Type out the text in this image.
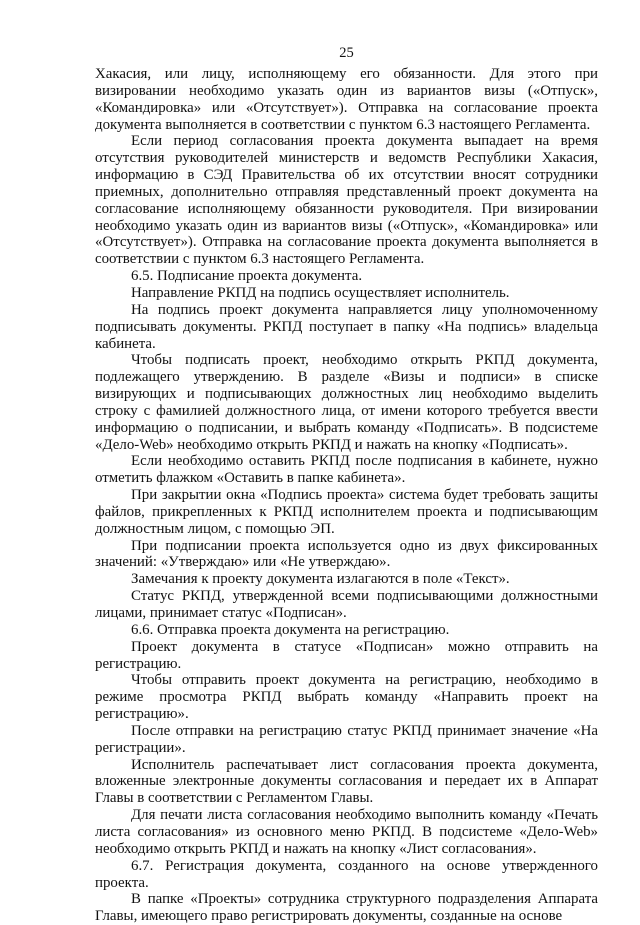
25

Хакасия, или лицу, исполняющему его обязанности. Для этого при визировании необходимо указать один из вариантов визы («Отпуск», «Командировка» или «Отсутствует»). Отправка на согласование проекта документа выполняется в соответствии с пунктом 6.3 настоящего Регламента.

Если период согласования проекта документа выпадает на время отсутствия руководителей министерств и ведомств Республики Хакасия, информацию в СЭД Правительства об их отсутствии вносят сотрудники приемных, дополнительно отправляя представленный проект документа на согласование исполняющему обязанности руководителя. При визировании необходимо указать один из вариантов визы («Отпуск», «Командировка» или «Отсутствует»). Отправка на согласование проекта документа выполняется в соответствии с пунктом 6.3 настоящего Регламента.

6.5. Подписание проекта документа.

Направление РКПД на подпись осуществляет исполнитель.

На подпись проект документа направляется лицу уполномоченному подписывать документы. РКПД поступает в папку «На подпись» владельца кабинета.

Чтобы подписать проект, необходимо открыть РКПД документа, подлежащего утверждению. В разделе «Визы и подписи» в списке визирующих и подписывающих должностных лиц необходимо выделить строку с фамилией должностного лица, от имени которого требуется ввести информацию о подписании, и выбрать команду «Подписать». В подсистеме «Дело-Web» необходимо открыть РКПД и нажать на кнопку «Подписать».

Если необходимо оставить РКПД после подписания в кабинете, нужно отметить флажком «Оставить в папке кабинета».

При закрытии окна «Подпись проекта» система будет требовать защиты файлов, прикрепленных к РКПД исполнителем проекта и подписывающим должностным лицом, с помощью ЭП.

При подписании проекта используется одно из двух фиксированных значений: «Утверждаю» или «Не утверждаю».

Замечания к проекту документа излагаются в поле «Текст».

Статус РКПД, утвержденной всеми подписывающими должностными лицами, принимает статус «Подписан».

6.6. Отправка проекта документа на регистрацию.

Проект документа в статусе «Подписан» можно отправить на регистрацию.

Чтобы отправить проект документа на регистрацию, необходимо в режиме просмотра РКПД выбрать команду «Направить проект на регистрацию».

После отправки на регистрацию статус РКПД принимает значение «На регистрации».

Исполнитель распечатывает лист согласования проекта документа, вложенные электронные документы согласования и передает их в Аппарат Главы в соответствии с Регламентом Главы.

Для печати листа согласования необходимо выполнить команду «Печать листа согласования» из основного меню РКПД. В подсистеме «Дело-Web» необходимо открыть РКПД и нажать на кнопку «Лист согласования».

6.7. Регистрация документа, созданного на основе утвержденного проекта.

В папке «Проекты» сотрудника структурного подразделения Аппарата Главы, имеющего право регистрировать документы, созданные на основе
